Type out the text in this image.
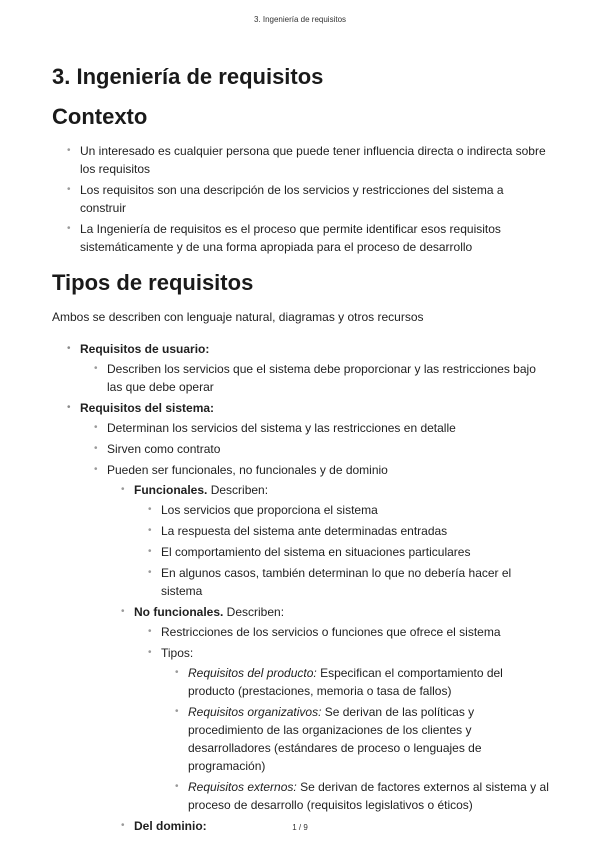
3. Ingeniería de requisitos
3. Ingeniería de requisitos
Contexto
• Un interesado es cualquier persona que puede tener influencia directa o indirecta sobre los requisitos
• Los requisitos son una descripción de los servicios y restricciones del sistema a construir
• La Ingeniería de requisitos es el proceso que permite identificar esos requisitos sistemáticamente y de una forma apropiada para el proceso de desarrollo
Tipos de requisitos

Ambos se describen con lenguaje natural, diagramas y otros recursos

• Requisitos de usuario:
• Describen los servicios que el sistema debe proporcionar y las restricciones bajo las que debe operar
• Requisitos del sistema:
• Determinan los servicios del sistema y las restricciones en detalle
• Sirven como contrato
• Pueden ser funcionales, no funcionales y de dominio
• Funcionales. Describen:
• Los servicios que proporciona el sistema
• La respuesta del sistema ante determinadas entradas
• El comportamiento del sistema en situaciones particulares
• En algunos casos, también determinan lo que no debería hacer el sistema
• No funcionales. Describen:
• Restricciones de los servicios o funciones que ofrece el sistema
• Tipos:
• Requisitos del producto: Especifican el comportamiento del producto (prestaciones, memoria o tasa de fallos)
• Requisitos organizativos: Se derivan de las políticas y procedimiento de las organizaciones de los clientes y desarrolladores (estándares de proceso o lenguajes de programación)
• Requisitos externos: Se derivan de factores externos al sistema y al proceso de desarrollo (requisitos legislativos o éticos)
• Del dominio:	1 / 9
